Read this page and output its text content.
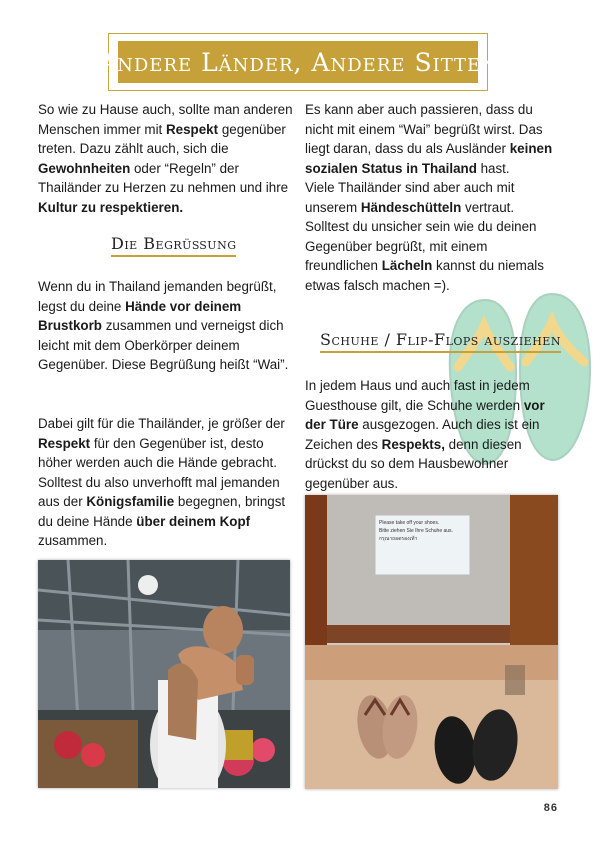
Andere Länder, Andere Sitten

So wie zu Hause auch, sollte man anderen Menschen immer mit Respekt gegenüber treten. Dazu zählt auch, sich die Gewohnheiten oder “Regeln” der Thailänder zu Herzen zu nehmen und ihre Kultur zu respektieren.

Die Begrüßung

Wenn du in Thailand jemanden begrüßt, legst du deine Hände vor deinem Brustkorb zusammen und verneigst dich leicht mit dem Oberkörper deinem Gegenüber. Diese Begrüßung heißt “Wai”.

Dabei gilt für die Thailänder, je größer der Respekt für den Gegenüber ist, desto höher werden auch die Hände gebracht. Solltest du also unverhofft mal jemanden aus der Königsfamilie begegnen, bringst du deine Hände über deinem Kopf zusammen.

Es kann aber auch passieren, dass du nicht mit einem “Wai” begrüßt wirst. Das liegt daran, dass du als Ausländer keinen sozialen Status in Thailand hast.

Viele Thailänder sind aber auch mit unserem Händeschütteln vertraut. Solltest du unsicher sein wie du deinen Gegenüber begrüßt, mit einem freundlichen Lächeln kannst du niemals etwas falsch machen =).

Schuhe / Flip-Flops ausziehen

In jedem Haus und auch fast in jedem Guesthouse gilt, die Schuhe werden vor der Türe ausgezogen. Auch dies ist ein Zeichen des Respekts, denn diesen drückst du so dem Hausbewohner gegenüber aus.

Please take off your shoes.
Bitte ziehen Sie Ihre Schuhe aus.
กรุณาถอดรองเท้า
86
